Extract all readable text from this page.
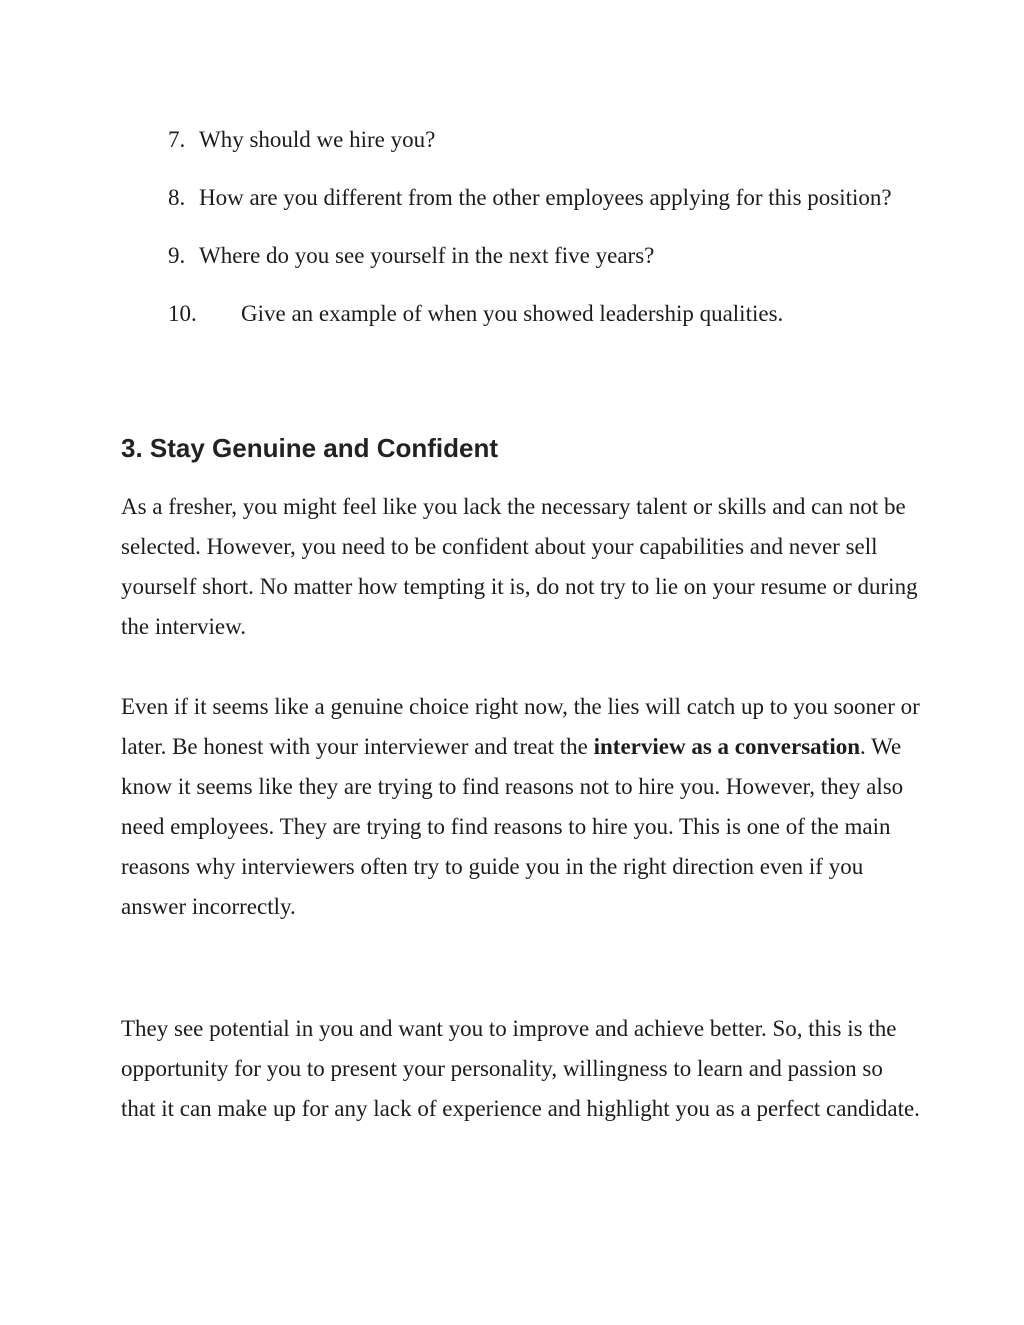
7. Why should we hire you?
8. How are you different from the other employees applying for this position?
9. Where do you see yourself in the next five years?
10. Give an example of when you showed leadership qualities.
3. Stay Genuine and Confident

As a fresher, you might feel like you lack the necessary talent or skills and can not be selected. However, you need to be confident about your capabilities and never sell yourself short. No matter how tempting it is, do not try to lie on your resume or during the interview.

Even if it seems like a genuine choice right now, the lies will catch up to you sooner or later. Be honest with your interviewer and treat the interview as a conversation. We know it seems like they are trying to find reasons not to hire you. However, they also need employees. They are trying to find reasons to hire you. This is one of the main reasons why interviewers often try to guide you in the right direction even if you answer incorrectly.

They see potential in you and want you to improve and achieve better. So, this is the opportunity for you to present your personality, willingness to learn and passion so that it can make up for any lack of experience and highlight you as a perfect candidate.
